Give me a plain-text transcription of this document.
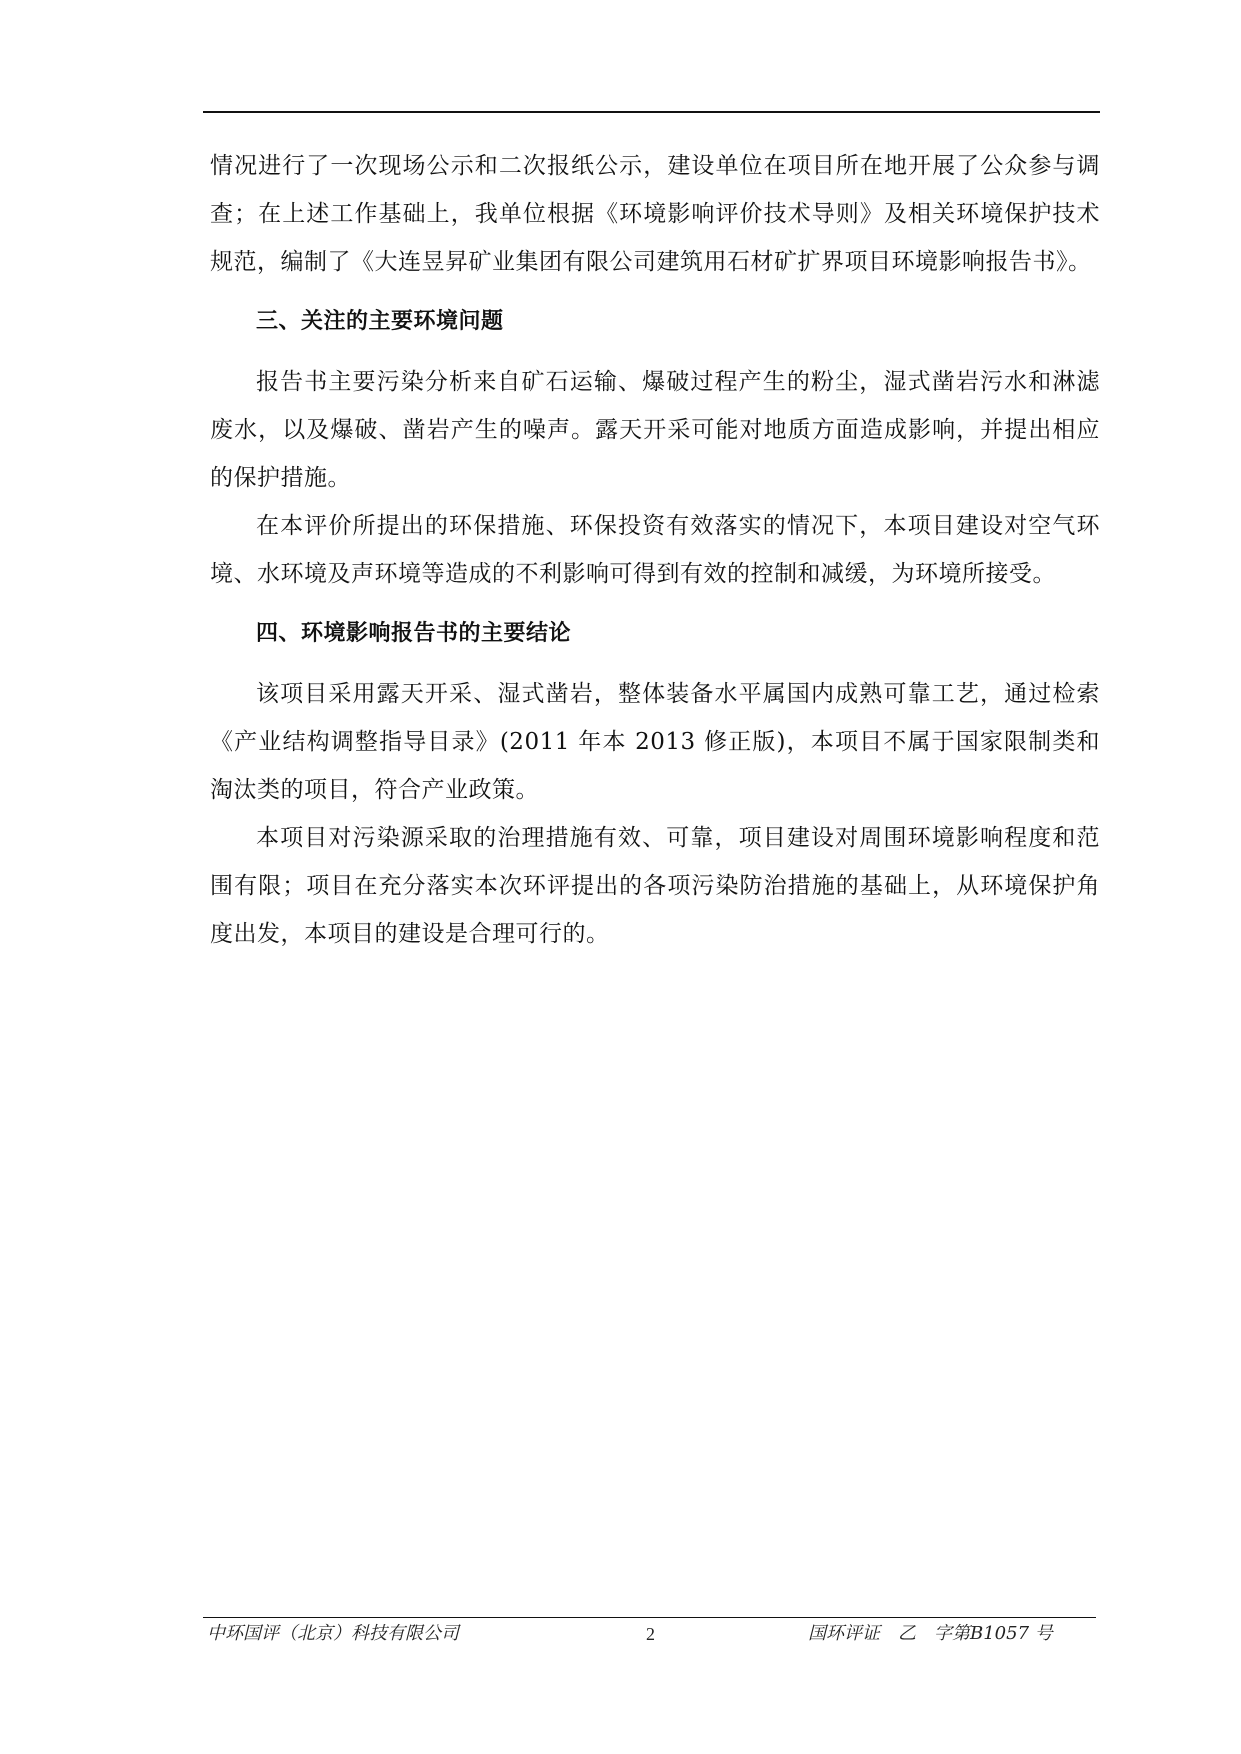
情况进行了一次现场公示和二次报纸公示，建设单位在项目所在地开展了公众参与调查；在上述工作基础上，我单位根据《环境影响评价技术导则》及相关环境保护技术规范，编制了《大连昱昇矿业集团有限公司建筑用石材矿扩界项目环境影响报告书》。

三、关注的主要环境问题

报告书主要污染分析来自矿石运输、爆破过程产生的粉尘，湿式凿岩污水和淋滤废水，以及爆破、凿岩产生的噪声。露天开采可能对地质方面造成影响，并提出相应的保护措施。

在本评价所提出的环保措施、环保投资有效落实的情况下，本项目建设对空气环境、水环境及声环境等造成的不利影响可得到有效的控制和减缓，为环境所接受。

四、环境影响报告书的主要结论

该项目采用露天开采、湿式凿岩，整体装备水平属国内成熟可靠工艺，通过检索《产业结构调整指导目录》(2011 年本 2013 修正版)，本项目不属于国家限制类和淘汰类的项目，符合产业政策。

本项目对污染源采取的治理措施有效、可靠，项目建设对周围环境影响程度和范围有限；项目在充分落实本次环评提出的各项污染防治措施的基础上，从环境保护角度出发，本项目的建设是合理可行的。

中环国评（北京）科技有限公司	2	国环评证　乙　字第B1057 号
